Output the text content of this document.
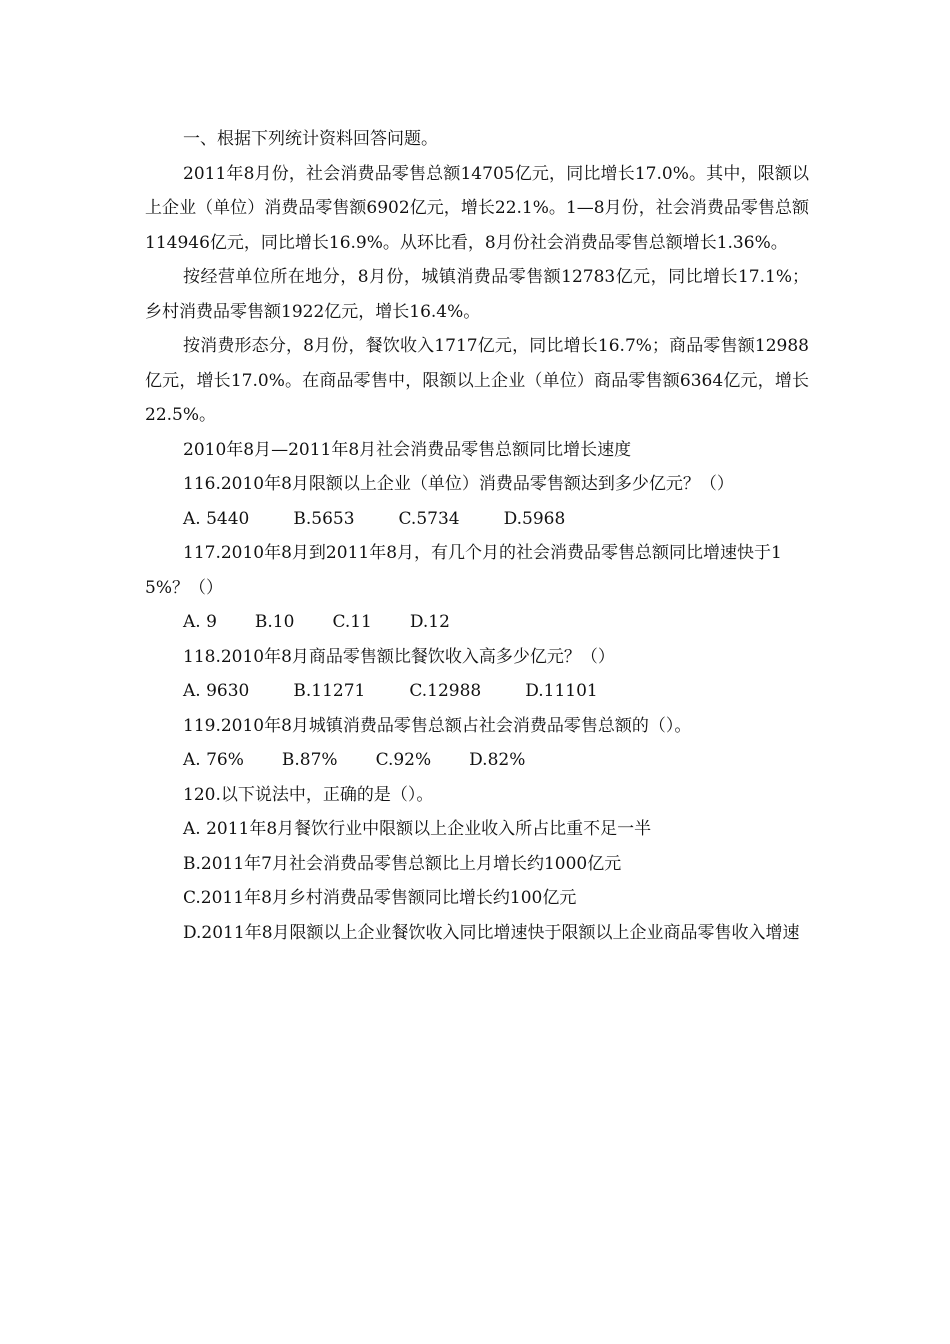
一、根据下列统计资料回答问题。

2011年8月份，社会消费品零售总额14705亿元，同比增长17.0%。其中，限额以上企业（单位）消费品零售额6902亿元，增长22.1%。1—8月份，社会消费品零售总额114946亿元，同比增长16.9%。从环比看，8月份社会消费品零售总额增长1.36%。

按经营单位所在地分，8月份，城镇消费品零售额12783亿元，同比增长17.1%；乡村消费品零售额1922亿元，增长16.4%。

按消费形态分，8月份，餐饮收入1717亿元，同比增长16.7%；商品零售额12988亿元，增长17.0%。在商品零售中，限额以上企业（单位）商品零售额6364亿元，增长22.5%。

2010年8月—2011年8月社会消费品零售总额同比增长速度

116.2010年8月限额以上企业（单位）消费品零售额达到多少亿元？（）

A. 5440	B.5653	C.5734	D.5968

117.2010年8月到2011年8月，有几个月的社会消费品零售总额同比增速快于15%？（）

A. 9 B.10 C.11 D.12

118.2010年8月商品零售额比餐饮收入高多少亿元？（）

A. 9630	B.11271	C.12988	D.11101

119.2010年8月城镇消费品零售总额占社会消费品零售总额的（）。

A. 76% B.87% C.92% D.82%

120.以下说法中，正确的是（）。

A. 2011年8月餐饮行业中限额以上企业收入所占比重不足一半

B.2011年7月社会消费品零售总额比上月增长约1000亿元

C.2011年8月乡村消费品零售额同比增长约100亿元

D.2011年8月限额以上企业餐饮收入同比增速快于限额以上企业商品零售收入增速
